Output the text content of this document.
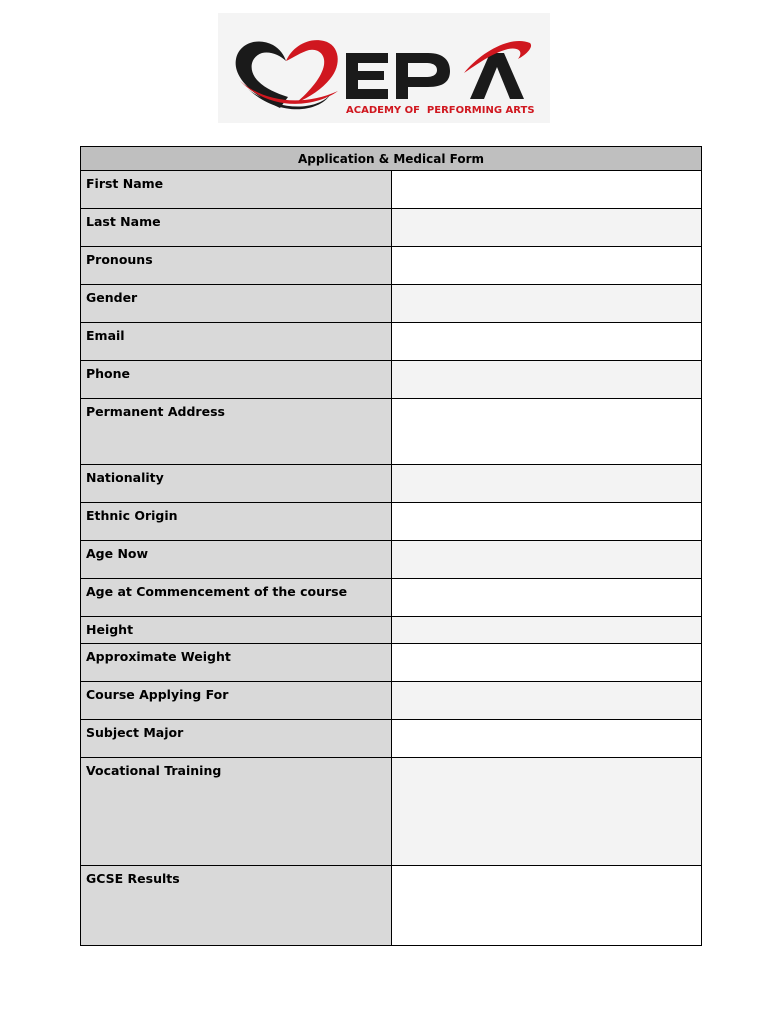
EPA
ACADEMY OF  PERFORMING ARTS
Application & Medical Form	
First Name	
Last Name	
Pronouns	
Gender	
Email	
Phone	
Permanent Address	
Nationality	
Ethnic Origin	
Age Now	
Age at Commencement of the course	
Height	
Approximate Weight	
Course Applying For	
Subject Major	
Vocational Training	
GCSE Results	
